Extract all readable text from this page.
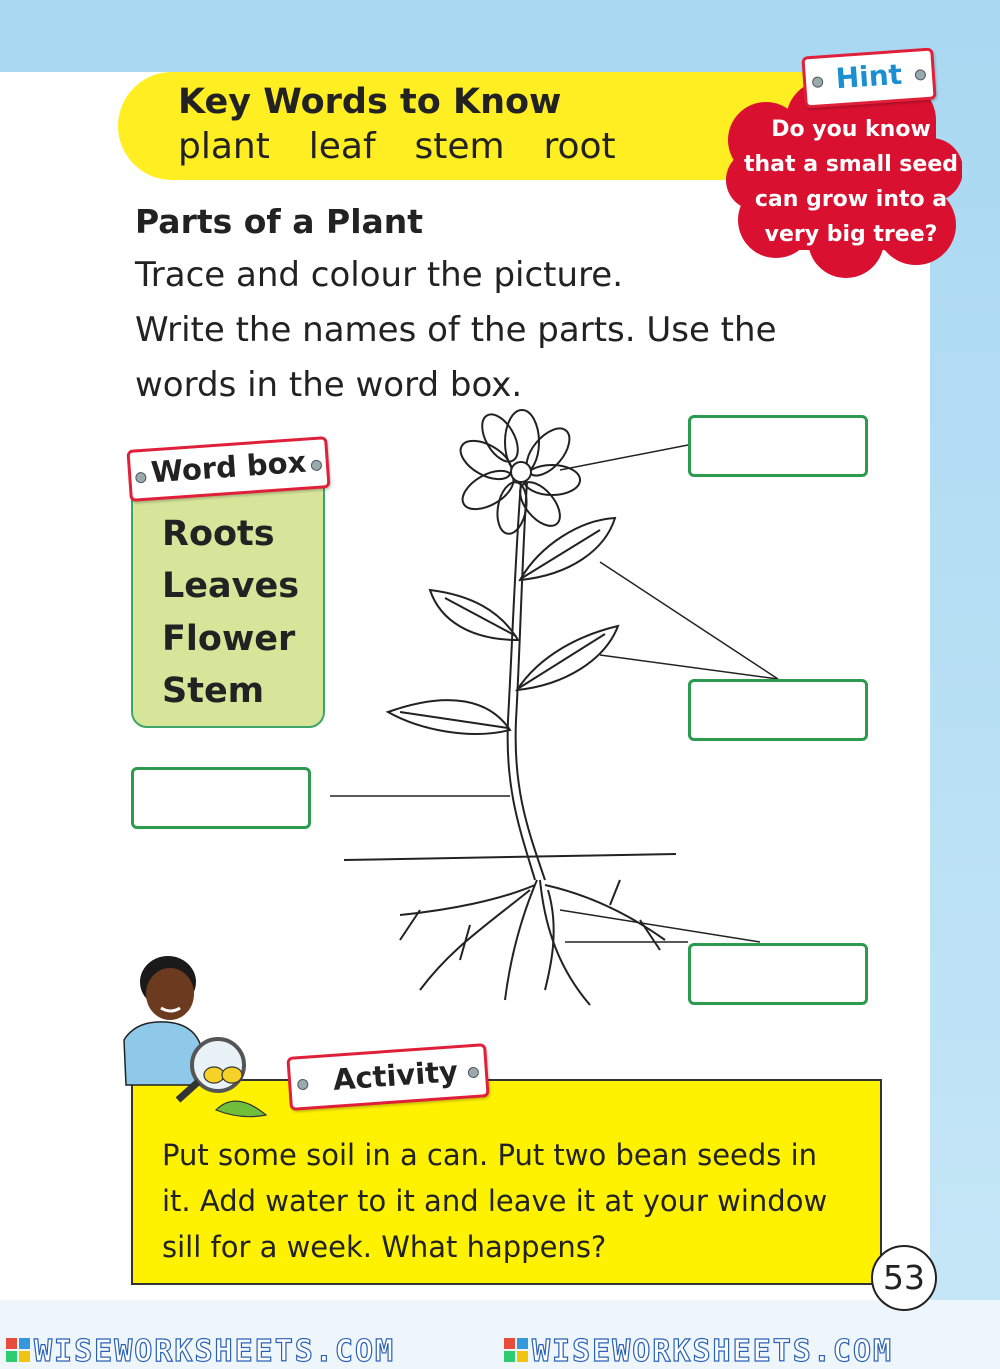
Key Words to Know
plant  leaf  stem  root
Hint
Do you know
that a small seed
can grow into a
very big tree?
Parts of a Plant
Trace and colour the picture.
Write the names of the parts. Use the
words in the word box.
Word box
Roots
Leaves
Flower
Stem
Activity
Put some soil in a can. Put two bean seeds in
it. Add water to it and leave it at your window
sill for a week. What happens?
53
WISEWORKSHEETS.COM	WISEWORKSHEETS.COM
